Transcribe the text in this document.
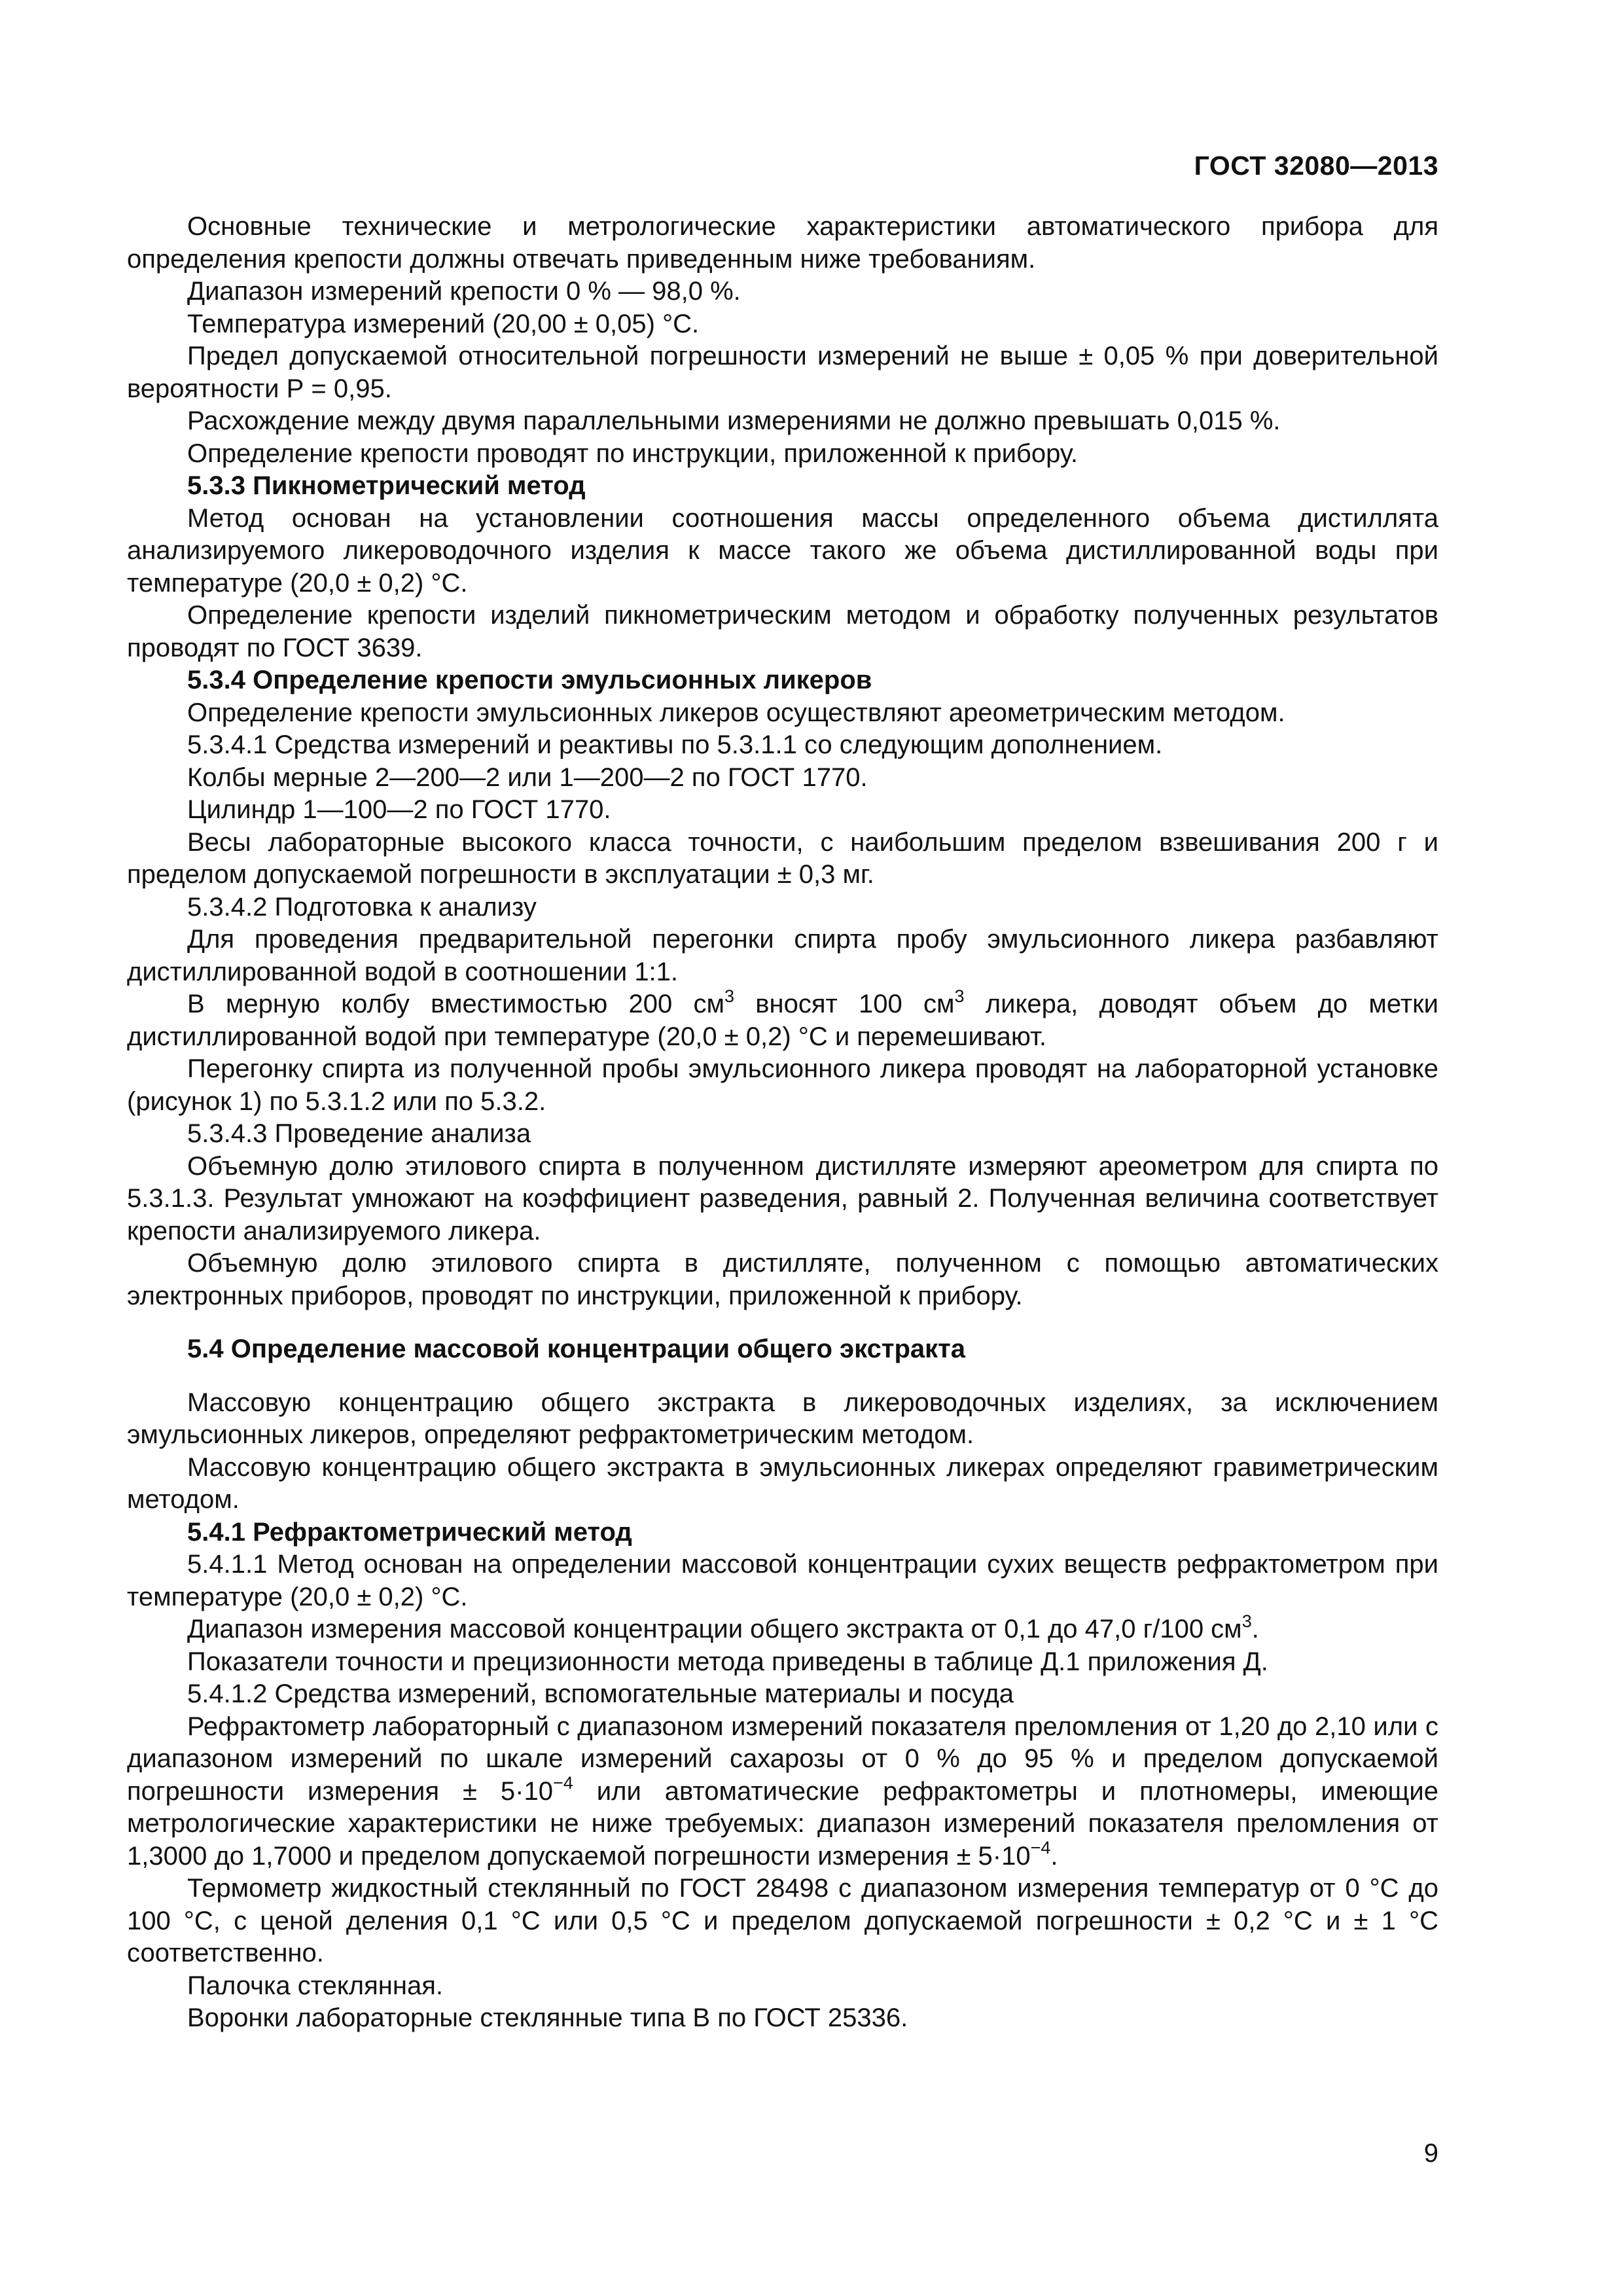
ГОСТ 32080—2013

Основные технические и метрологические характеристики автоматического прибора для определения крепости должны отвечать приведенным ниже требованиям.

Диапазон измерений крепости 0 % — 98,0 %.

Температура измерений (20,00 ± 0,05) °С.

Предел допускаемой относительной погрешности измерений не выше ± 0,05 % при доверительной вероятности Р = 0,95.

Расхождение между двумя параллельными измерениями не должно превышать 0,015 %.

Определение крепости проводят по инструкции, приложенной к прибору.

5.3.3 Пикнометрический метод

Метод основан на установлении соотношения массы определенного объема дистиллята анализируемого ликероводочного изделия к массе такого же объема дистиллированной воды при температуре (20,0 ± 0,2) °С.

Определение крепости изделий пикнометрическим методом и обработку полученных результатов проводят по ГОСТ 3639.

5.3.4 Определение крепости эмульсионных ликеров

Определение крепости эмульсионных ликеров осуществляют ареометрическим методом.

5.3.4.1 Средства измерений и реактивы по 5.3.1.1 со следующим дополнением.

Колбы мерные 2—200—2 или 1—200—2 по ГОСТ 1770.

Цилиндр 1—100—2 по ГОСТ 1770.

Весы лабораторные высокого класса точности, с наибольшим пределом взвешивания 200 г и пределом допускаемой погрешности в эксплуатации ± 0,3 мг.

5.3.4.2 Подготовка к анализу

Для проведения предварительной перегонки спирта пробу эмульсионного ликера разбавляют дистиллированной водой в соотношении 1:1.

В мерную колбу вместимостью 200 $см^3$ вносят 100 $см^3$ ликера, доводят объем до метки дистиллированной водой при температуре (20,0 ± 0,2) °С и перемешивают.

Перегонку спирта из полученной пробы эмульсионного ликера проводят на лабораторной установке (рисунок 1) по 5.3.1.2 или по 5.3.2.

5.3.4.3 Проведение анализа

Объемную долю этилового спирта в полученном дистилляте измеряют ареометром для спирта по 5.3.1.3. Результат умножают на коэффициент разведения, равный 2. Полученная величина соответствует крепости анализируемого ликера.

Объемную долю этилового спирта в дистилляте, полученном с помощью автоматических электронных приборов, проводят по инструкции, приложенной к прибору.

5.4 Определение массовой концентрации общего экстракта

Массовую концентрацию общего экстракта в ликероводочных изделиях, за исключением эмульсионных ликеров, определяют рефрактометрическим методом.

Массовую концентрацию общего экстракта в эмульсионных ликерах определяют гравиметрическим методом.

5.4.1 Рефрактометрический метод

5.4.1.1 Метод основан на определении массовой концентрации сухих веществ рефрактометром при температуре (20,0 ± 0,2) °С.

Диапазон измерения массовой концентрации общего экстракта от 0,1 до 47,0 г/100 $см^3$.

Показатели точности и прецизионности метода приведены в таблице Д.1 приложения Д.

5.4.1.2 Средства измерений, вспомогательные материалы и посуда

Рефрактометр лабораторный с диапазоном измерений показателя преломления от 1,20 до 2,10 или с диапазоном измерений по шкале измерений сахарозы от 0 % до 95 % и пределом допускаемой погрешности измерения ± $5\cdot 10^{-4}$ или автоматические рефрактометры и плотномеры, имеющие метрологические характеристики не ниже требуемых: диапазон измерений показателя преломления от 1,3000 до 1,7000 и пределом допускаемой погрешности измерения ± $5\cdot 10^{-4}$.

Термометр жидкостный стеклянный по ГОСТ 28498 с диапазоном измерения температур от 0 °С до 100 °С, с ценой деления 0,1 °С или 0,5 °С и пределом допускаемой погрешности ± 0,2 °С и ± 1 °С соответственно.

Палочка стеклянная.

Воронки лабораторные стеклянные типа В по ГОСТ 25336.

9
